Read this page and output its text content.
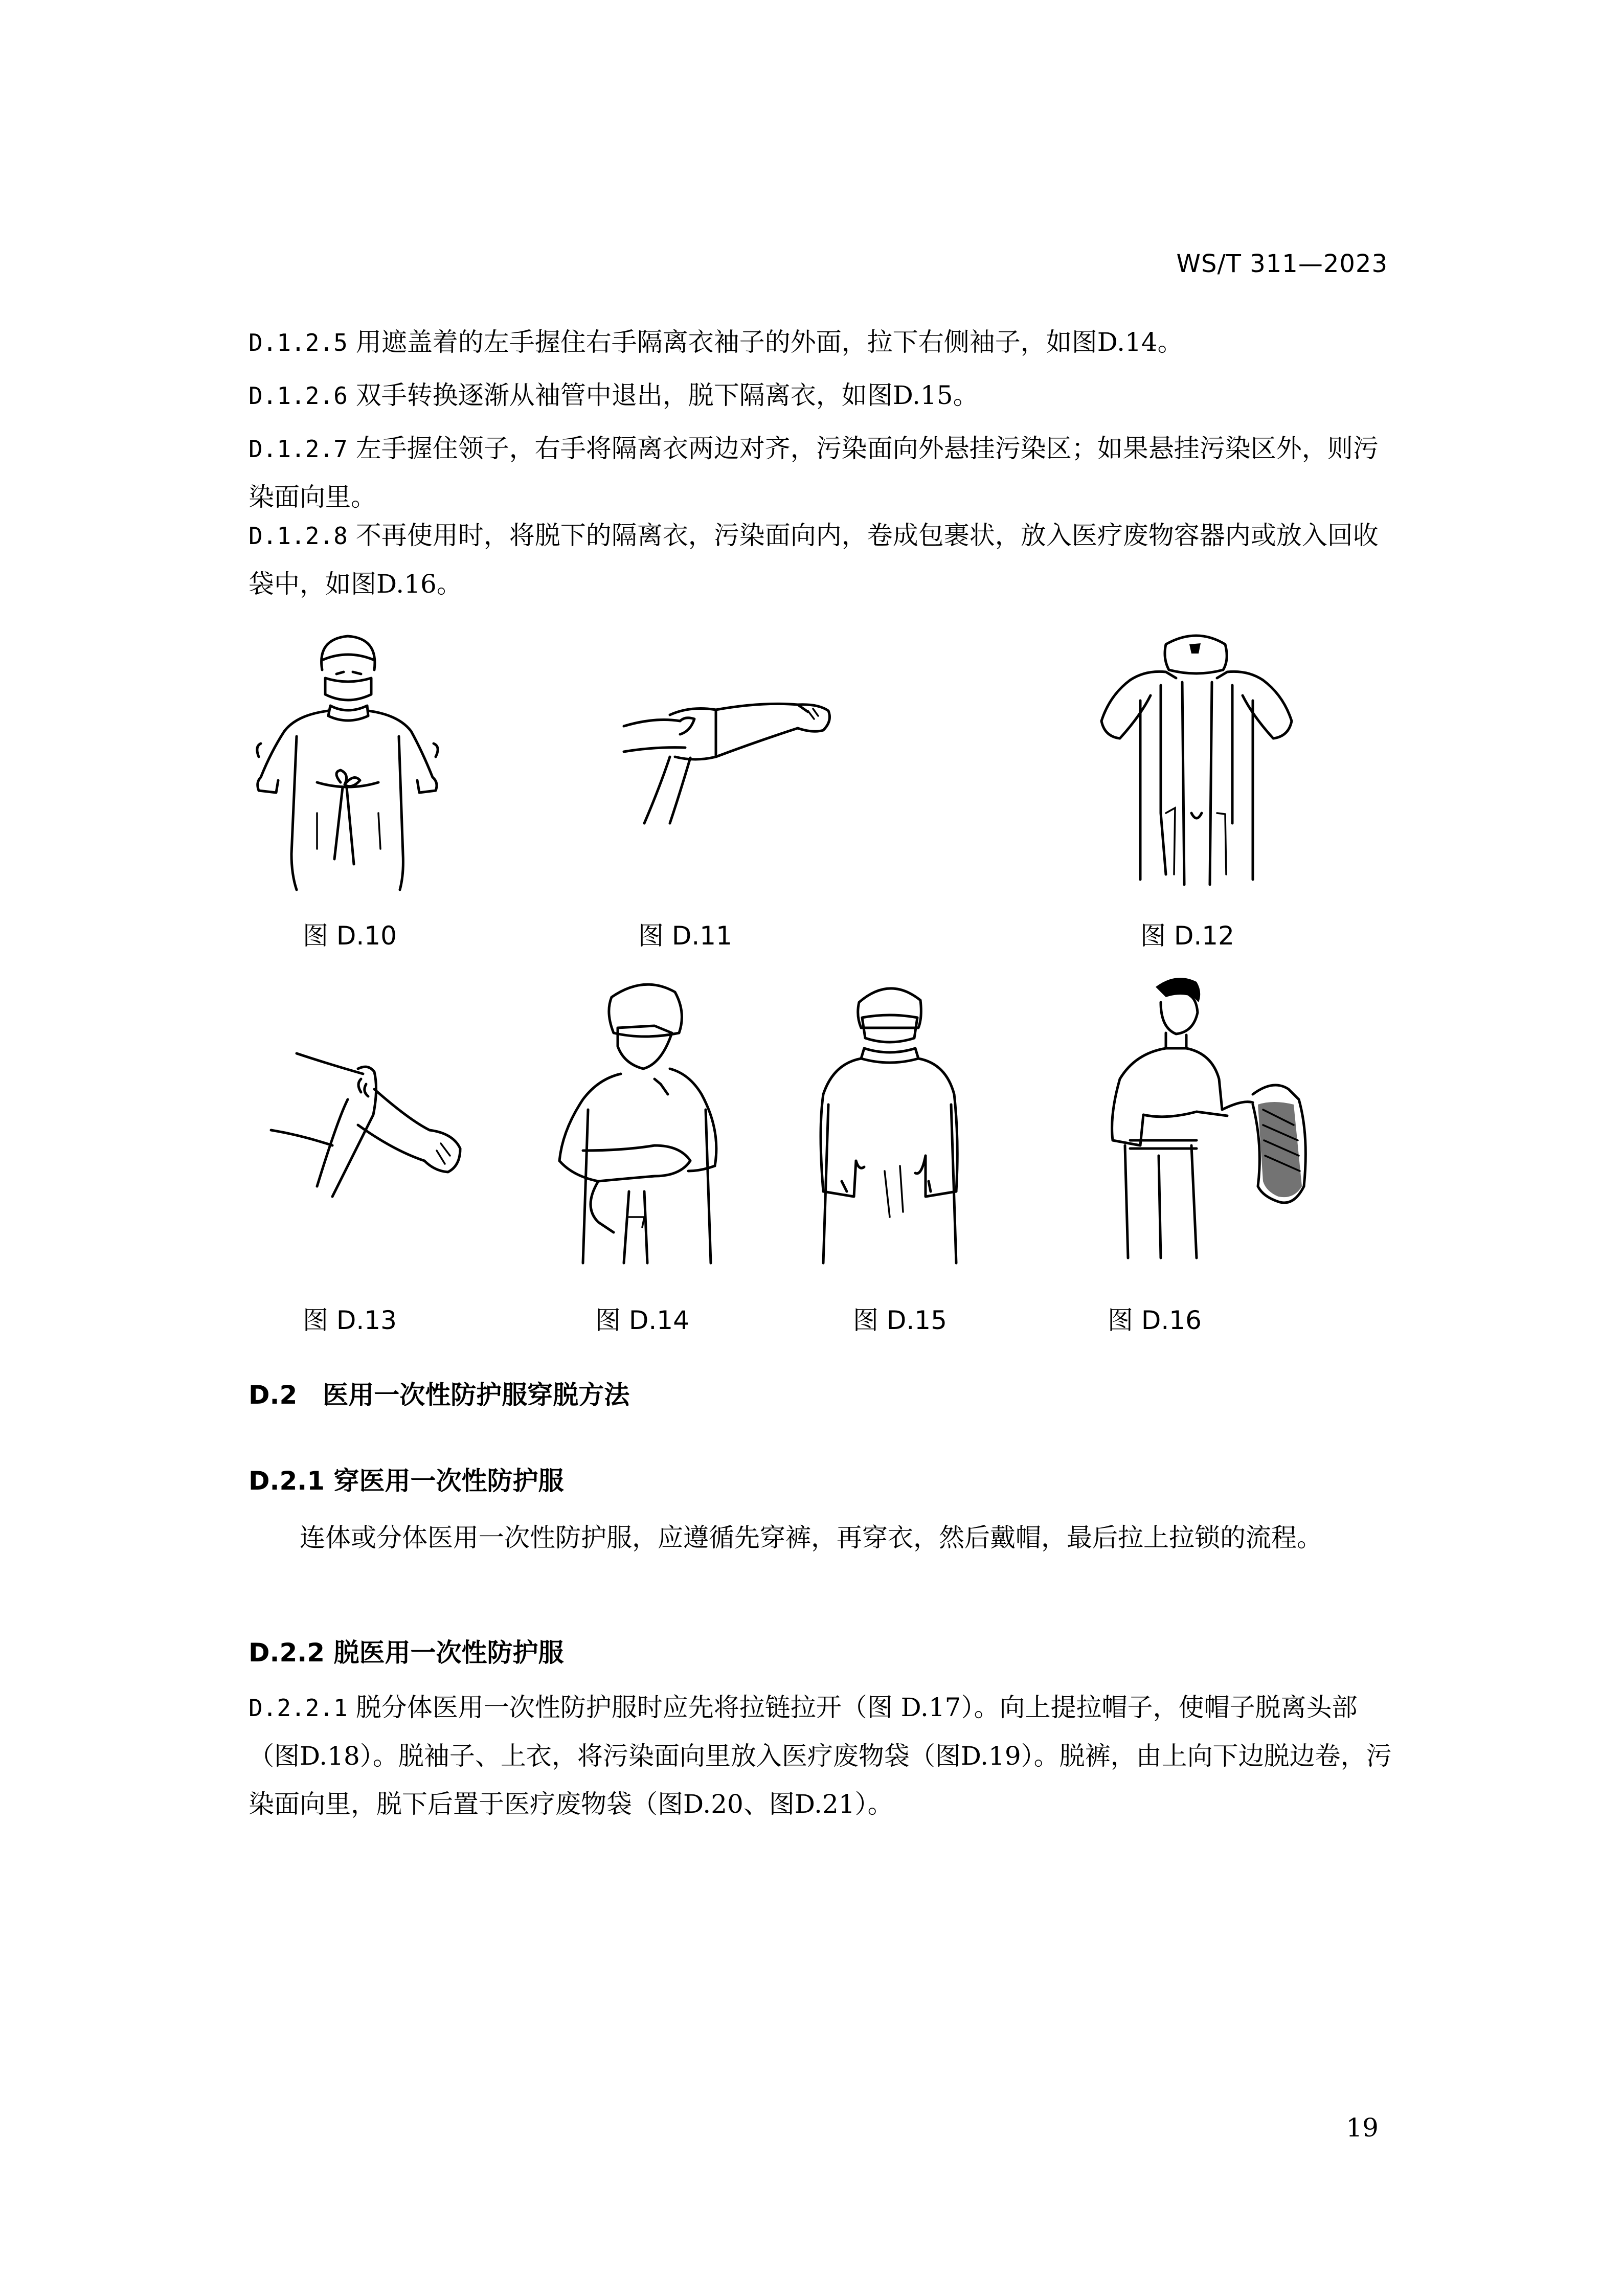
WS/T 311—2023

D.1.2.5 用遮盖着的左手握住右手隔离衣袖子的外面，拉下右侧袖子，如图D.14。

D.1.2.6 双手转换逐渐从袖管中退出，脱下隔离衣，如图D.15。

D.1.2.7 左手握住领子，右手将隔离衣两边对齐，污染面向外悬挂污染区；如果悬挂污染区外，则污染面向里。

D.1.2.8 不再使用时，将脱下的隔离衣，污染面向内，卷成包裹状，放入医疗废物容器内或放入回收袋中，如图D.16。

图 D.10	图 D.11	图 D.12
图 D.13	图 D.14	图 D.15	图 D.16
D.2 医用一次性防护服穿脱方法
D.2.1 穿医用一次性防护服

连体或分体医用一次性防护服，应遵循先穿裤，再穿衣，然后戴帽，最后拉上拉锁的流程。

D.2.2 脱医用一次性防护服

D.2.2.1 脱分体医用一次性防护服时应先将拉链拉开（图 D.17）。向上提拉帽子，使帽子脱离头部（图D.18）。脱袖子、上衣，将污染面向里放入医疗废物袋（图D.19）。脱裤，由上向下边脱边卷，污染面向里，脱下后置于医疗废物袋（图D.20、图D.21）。

19
